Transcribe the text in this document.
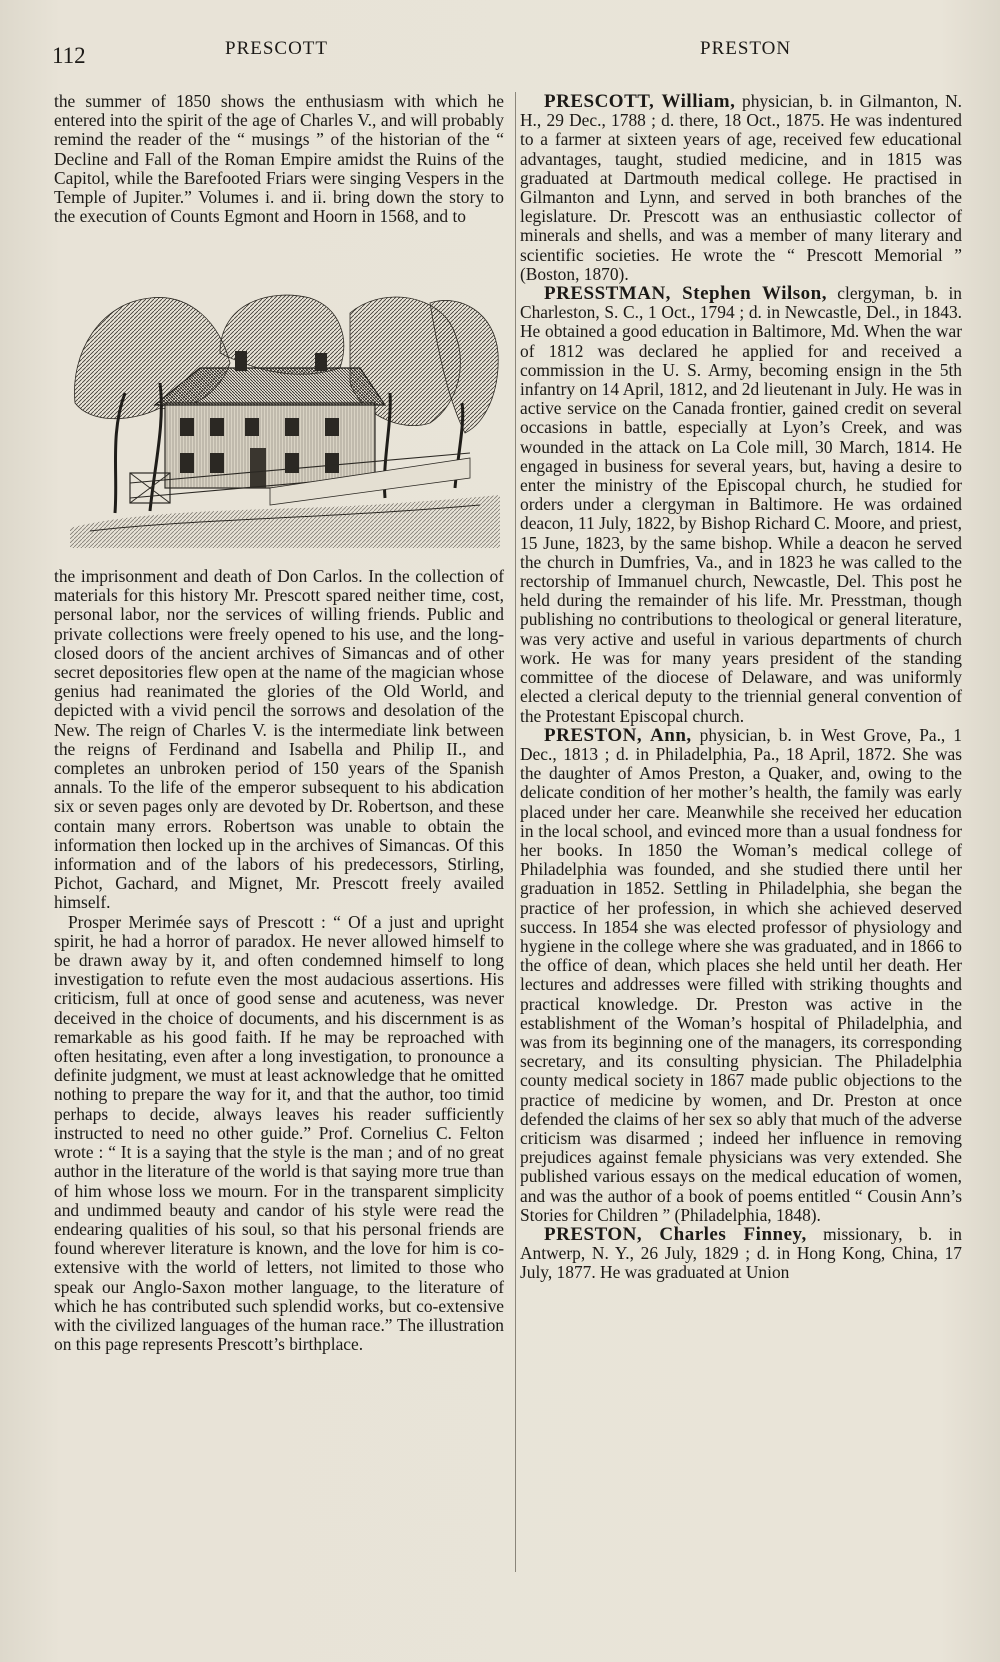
112	PRESCOTT	PRESTON

the summer of 1850 shows the enthusiasm with which he entered into the spirit of the age of Charles V., and will probably remind the reader of the “ musings ” of the historian of the “ Decline and Fall of the Roman Empire amidst the Ruins of the Capitol, while the Barefooted Friars were singing Vespers in the Temple of Jupiter.” Volumes i. and ii. bring down the story to the execution of Counts Egmont and Hoorn in 1568, and to

the imprisonment and death of Don Carlos. In the collection of materials for this history Mr. Prescott spared neither time, cost, personal labor, nor the services of willing friends. Public and private collections were freely opened to his use, and the long-closed doors of the ancient archives of Simancas and of other secret depositories flew open at the name of the magician whose genius had reanimated the glories of the Old World, and depicted with a vivid pencil the sorrows and desolation of the New. The reign of Charles V. is the intermediate link between the reigns of Ferdinand and Isabella and Philip II., and completes an unbroken period of 150 years of the Spanish annals. To the life of the emperor subsequent to his abdication six or seven pages only are devoted by Dr. Robertson, and these contain many errors. Robertson was unable to obtain the information then locked up in the archives of Simancas. Of this information and of the labors of his predecessors, Stirling, Pichot, Gachard, and Mignet, Mr. Prescott freely availed himself.

Prosper Merimée says of Prescott : “ Of a just and upright spirit, he had a horror of paradox. He never allowed himself to be drawn away by it, and often condemned himself to long investigation to refute even the most audacious assertions. His criticism, full at once of good sense and acuteness, was never deceived in the choice of documents, and his discernment is as remarkable as his good faith. If he may be reproached with often hesitating, even after a long investigation, to pronounce a definite judgment, we must at least acknowledge that he omitted nothing to prepare the way for it, and that the author, too timid perhaps to decide, always leaves his reader sufficiently instructed to need no other guide.” Prof. Cornelius C. Felton wrote : “ It is a saying that the style is the man ; and of no great author in the literature of the world is that saying more true than of him whose loss we mourn. For in the transparent simplicity and undimmed beauty and candor of his style were read the endearing qualities of his soul, so that his personal friends are found wherever literature is known, and the love for him is co-extensive with the world of letters, not limited to those who speak our Anglo-Saxon mother language, to the literature of which he has contributed such splendid works, but co-extensive with the civilized languages of the human race.” The illustration on this page represents Prescott’s birthplace.

PRESCOTT, William, physician, b. in Gilmanton, N. H., 29 Dec., 1788 ; d. there, 18 Oct., 1875. He was indentured to a farmer at sixteen years of age, received few educational advantages, taught, studied medicine, and in 1815 was graduated at Dartmouth medical college. He practised in Gilmanton and Lynn, and served in both branches of the legislature. Dr. Prescott was an enthusiastic collector of minerals and shells, and was a member of many literary and scientific societies. He wrote the “ Prescott Memorial ” (Boston, 1870).

PRESSTMAN, Stephen Wilson, clergyman, b. in Charleston, S. C., 1 Oct., 1794 ; d. in Newcastle, Del., in 1843. He obtained a good education in Baltimore, Md. When the war of 1812 was declared he applied for and received a commission in the U. S. Army, becoming ensign in the 5th infantry on 14 April, 1812, and 2d lieutenant in July. He was in active service on the Canada frontier, gained credit on several occasions in battle, especially at Lyon’s Creek, and was wounded in the attack on La Cole mill, 30 March, 1814. He engaged in business for several years, but, having a desire to enter the ministry of the Episcopal church, he studied for orders under a clergyman in Baltimore. He was ordained deacon, 11 July, 1822, by Bishop Richard C. Moore, and priest, 15 June, 1823, by the same bishop. While a deacon he served the church in Dumfries, Va., and in 1823 he was called to the rectorship of Immanuel church, Newcastle, Del. This post he held during the remainder of his life. Mr. Presstman, though publishing no contributions to theological or general literature, was very active and useful in various departments of church work. He was for many years president of the standing committee of the diocese of Delaware, and was uniformly elected a clerical deputy to the triennial general convention of the Protestant Episcopal church.

PRESTON, Ann, physician, b. in West Grove, Pa., 1 Dec., 1813 ; d. in Philadelphia, Pa., 18 April, 1872. She was the daughter of Amos Preston, a Quaker, and, owing to the delicate condition of her mother’s health, the family was early placed under her care. Meanwhile she received her education in the local school, and evinced more than a usual fondness for her books. In 1850 the Woman’s medical college of Philadelphia was founded, and she studied there until her graduation in 1852. Settling in Philadelphia, she began the practice of her profession, in which she achieved deserved success. In 1854 she was elected professor of physiology and hygiene in the college where she was graduated, and in 1866 to the office of dean, which places she held until her death. Her lectures and addresses were filled with striking thoughts and practical knowledge. Dr. Preston was active in the establishment of the Woman’s hospital of Philadelphia, and was from its beginning one of the managers, its corresponding secretary, and its consulting physician. The Philadelphia county medical society in 1867 made public objections to the practice of medicine by women, and Dr. Preston at once defended the claims of her sex so ably that much of the adverse criticism was disarmed ; indeed her influence in removing prejudices against female physicians was very extended. She published various essays on the medical education of women, and was the author of a book of poems entitled “ Cousin Ann’s Stories for Children ” (Philadelphia, 1848).

PRESTON, Charles Finney, missionary, b. in Antwerp, N. Y., 26 July, 1829 ; d. in Hong Kong, China, 17 July, 1877. He was graduated at Union
